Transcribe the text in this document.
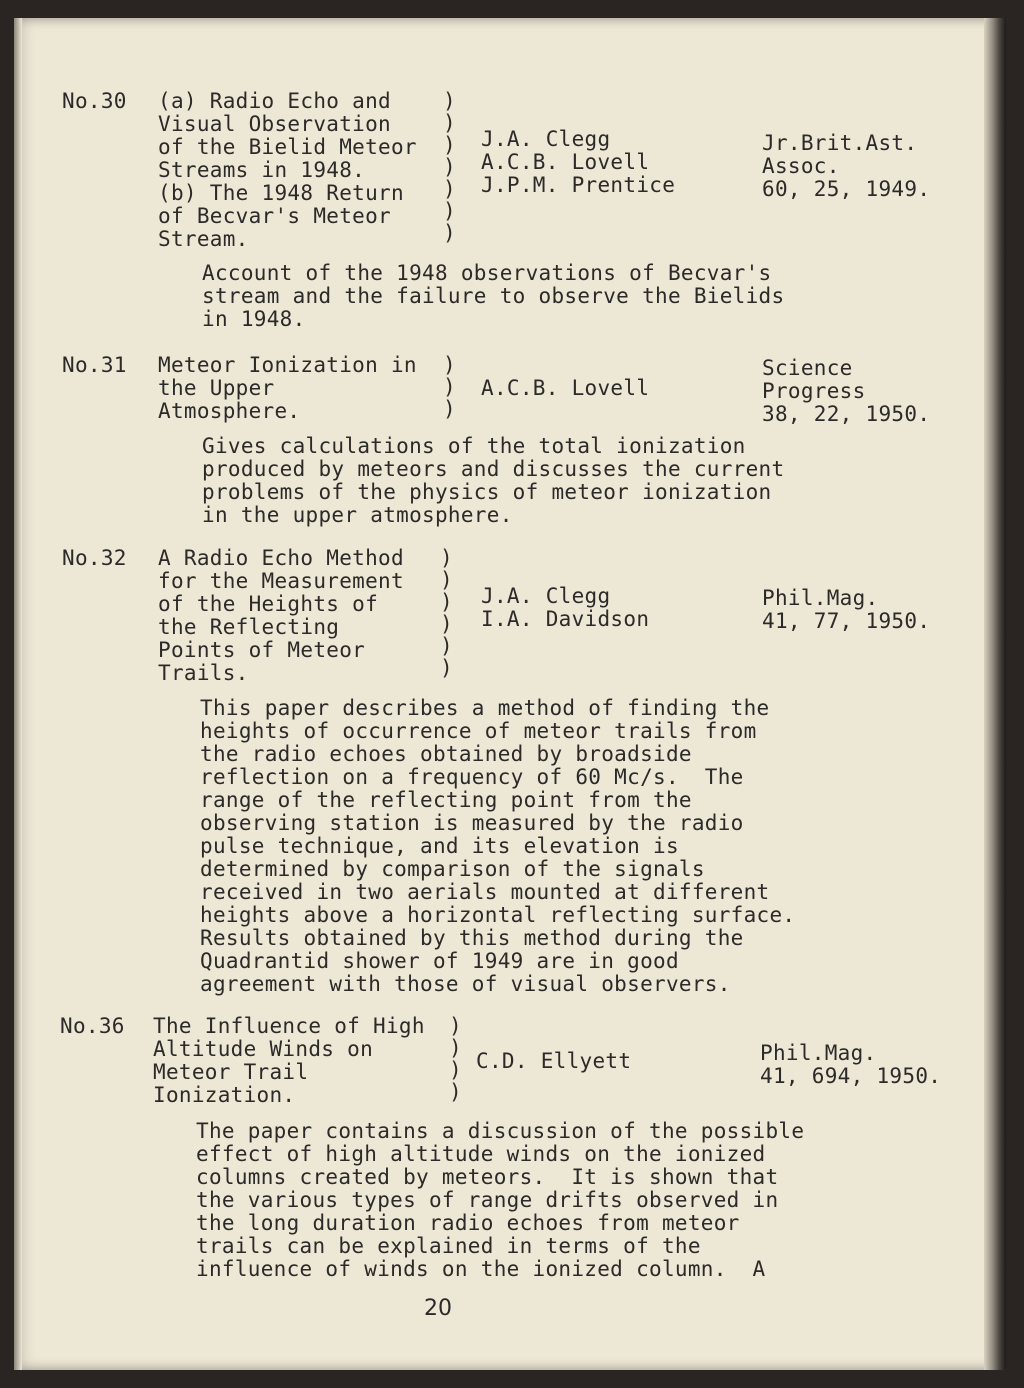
No.30 (a) Radio Echo and
Visual Observation
of the Bielid Meteor
Streams in 1948.
(b) The 1948 Return
of Becvar's Meteor
Stream.
)
)
)
)
)
)
)
J.A. Clegg
A.C.B. Lovell
J.P.M. Prentice
Jr.Brit.Ast.
Assoc.
60, 25, 1949.
Account of the 1948 observations of Becvar's
stream and the failure to observe the Bielids
in 1948.
No.31 Meteor Ionization in
the Upper
Atmosphere.
)
)
)
A.C.B. Lovell
Science
Progress
38, 22, 1950.
Gives calculations of the total ionization
produced by meteors and discusses the current
problems of the physics of meteor ionization
in the upper atmosphere.
No.32 A Radio Echo Method
for the Measurement
of the Heights of
the Reflecting
Points of Meteor
Trails.
)
)
)
)
)
)
J.A. Clegg
I.A. Davidson
Phil.Mag.
41, 77, 1950.
This paper describes a method of finding the
heights of occurrence of meteor trails from
the radio echoes obtained by broadside
reflection on a frequency of 60 Mc/s.  The
range of the reflecting point from the
observing station is measured by the radio
pulse technique, and its elevation is
determined by comparison of the signals
received in two aerials mounted at different
heights above a horizontal reflecting surface.
Results obtained by this method during the
Quadrantid shower of 1949 are in good
agreement with those of visual observers.
No.36 The Influence of High
Altitude Winds on
Meteor Trail
Ionization.
)
)
)
)
C.D. Ellyett	Phil.Mag.
41, 694, 1950.
The paper contains a discussion of the possible
effect of high altitude winds on the ionized
columns created by meteors.  It is shown that
the various types of range drifts observed in
the long duration radio echoes from meteor
trails can be explained in terms of the
influence of winds on the ionized column.  A
20
